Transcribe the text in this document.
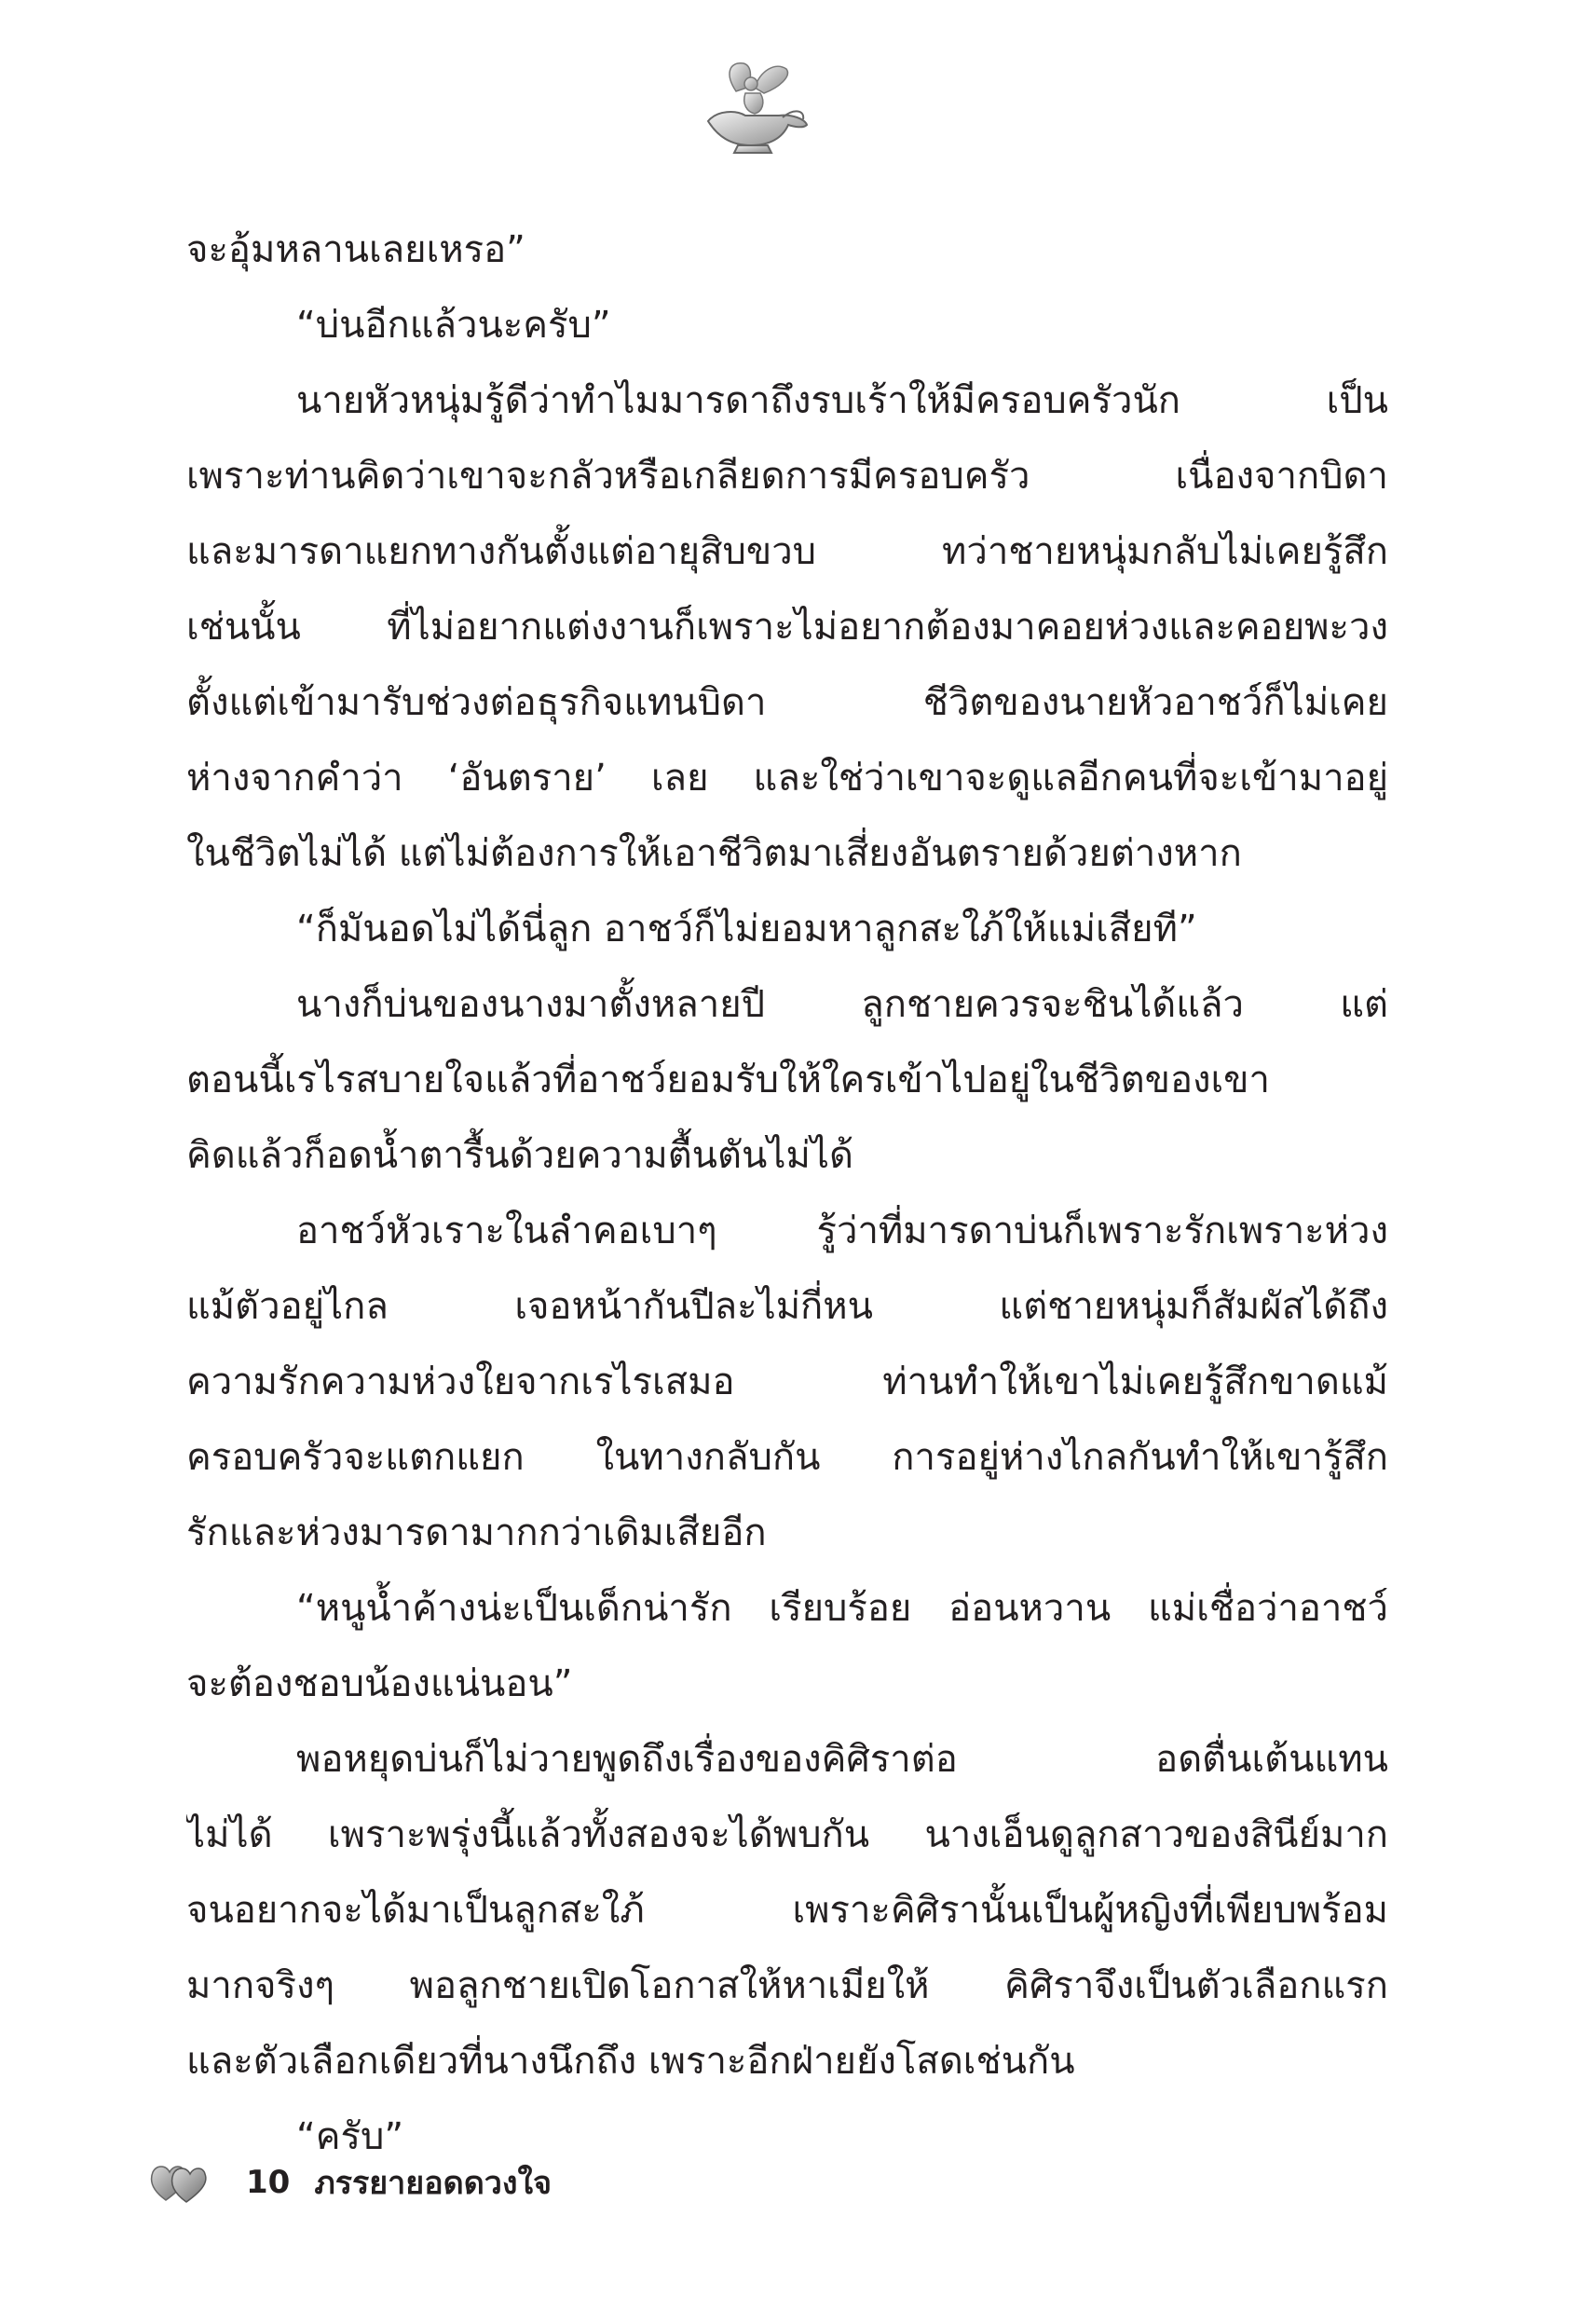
จะอุ้มหลานเลยเหรอ”
“บ่นอีกแล้วนะครับ”
นายหัวหนุ่มรู้ดีว่าทำไมมารดาถึงรบเร้าให้มีครอบครัวนัก เป็น
เพราะท่านคิดว่าเขาจะกลัวหรือเกลียดการมีครอบครัว เนื่องจากบิดา
และมารดาแยกทางกันตั้งแต่อายุสิบขวบ ทว่าชายหนุ่มกลับไม่เคยรู้สึก
เช่นนั้น ที่ไม่อยากแต่งงานก็เพราะไม่อยากต้องมาคอยห่วงและคอยพะวง
ตั้งแต่เข้ามารับช่วงต่อธุรกิจแทนบิดา ชีวิตของนายหัวอาชว์ก็ไม่เคย
ห่างจากคำว่า ‘อันตราย’ เลย และใช่ว่าเขาจะดูแลอีกคนที่จะเข้ามาอยู่
ในชีวิตไม่ได้ แต่ไม่ต้องการให้เอาชีวิตมาเสี่ยงอันตรายด้วยต่างหาก
“ก็มันอดไม่ได้นี่ลูก อาชว์ก็ไม่ยอมหาลูกสะใภ้ให้แม่เสียที”
นางก็บ่นของนางมาตั้งหลายปี ลูกชายควรจะชินได้แล้ว แต่
ตอนนี้เรไรสบายใจแล้วที่อาชว์ยอมรับให้ใครเข้าไปอยู่ในชีวิตของเขา
คิดแล้วก็อดน้ำตารื้นด้วยความตื้นตันไม่ได้
อาชว์หัวเราะในลำคอเบาๆ รู้ว่าที่มารดาบ่นก็เพราะรักเพราะห่วง
แม้ตัวอยู่ไกล เจอหน้ากันปีละไม่กี่หน แต่ชายหนุ่มก็สัมผัสได้ถึง
ความรักความห่วงใยจากเรไรเสมอ ท่านทำให้เขาไม่เคยรู้สึกขาดแม้
ครอบครัวจะแตกแยก ในทางกลับกัน การอยู่ห่างไกลกันทำให้เขารู้สึก
รักและห่วงมารดามากกว่าเดิมเสียอีก
“หนูน้ำค้างน่ะเป็นเด็กน่ารัก เรียบร้อย อ่อนหวาน แม่เชื่อว่าอาชว์
จะต้องชอบน้องแน่นอน”
พอหยุดบ่นก็ไม่วายพูดถึงเรื่องของคิศิราต่อ อดตื่นเต้นแทน
ไม่ได้ เพราะพรุ่งนี้แล้วทั้งสองจะได้พบกัน นางเอ็นดูลูกสาวของสินีย์มาก
จนอยากจะได้มาเป็นลูกสะใภ้ เพราะคิศิรานั้นเป็นผู้หญิงที่เพียบพร้อม
มากจริงๆ พอลูกชายเปิดโอกาสให้หาเมียให้ คิศิราจึงเป็นตัวเลือกแรก
และตัวเลือกเดียวที่นางนึกถึง เพราะอีกฝ่ายยังโสดเช่นกัน
“ครับ”
10 ภรรยายอดดวงใจ
